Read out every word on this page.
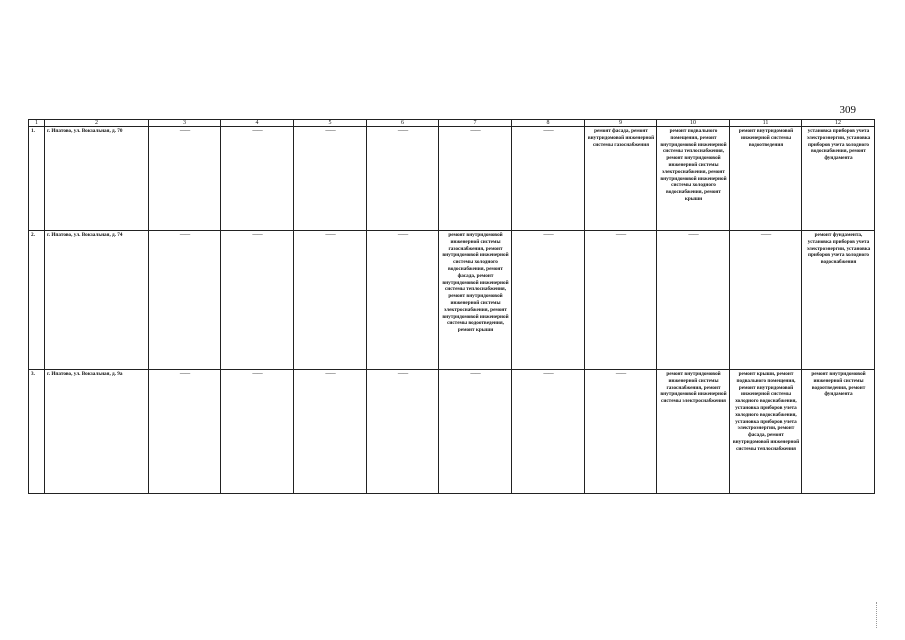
309
1	2	3	4	5	6	7	8	9	10	11	12
1.	г. Ипатово, ул. Вокзальная, д. 70	——	——	——	——	——	——	ремонт фасада, ремонт внутридомовой инженерной системы газоснабжения	ремонт подвального помещения, ремонт внутридомовой инженерной системы теплоснабжения, ремонт внутридомовой инженерной системы электроснабжения, ремонт внутридомовой инженерной системы холодного водоснабжения, ремонт крыши	ремонт внутридомовой инженерной системы водоотведения	установка приборов учета электроэнергии, установка приборов учета холодного водоснабжения, ремонт фундамента
2.	г. Ипатово, ул. Вокзальная, д. 74	——	——	——	——	ремонт внутридомовой инженерной системы газоснабжения, ремонт внутридомовой инженерной системы холодного водоснабжения, ремонт фасада, ремонт внутридомовой инженерной системы теплоснабжения, ремонт внутридомовой инженерной системы электроснабжения, ремонт внутридомовой инженерной системы водоотведения, ремонт крыши	——	——	——	——	ремонт фундамента, установка приборов учета электроэнергии, установка приборов учета холодного водоснабжения
3.	г. Ипатово, ул. Вокзальная, д. 9а	——	——	——	——	——	——	——	ремонт внутридомовой инженерной системы газоснабжения, ремонт внутридомовой инженерной системы электроснабжения	ремонт крыши, ремонт подвального помещения, ремонт внутридомовой инженерной системы холодного водоснабжения, установка приборов учета холодного водоснабжения, установка приборов учета электроэнергии, ремонт фасада, ремонт внутридомовой инженерной системы теплоснабжения	ремонт внутридомовой инженерной системы водоотведения, ремонт фундамента
